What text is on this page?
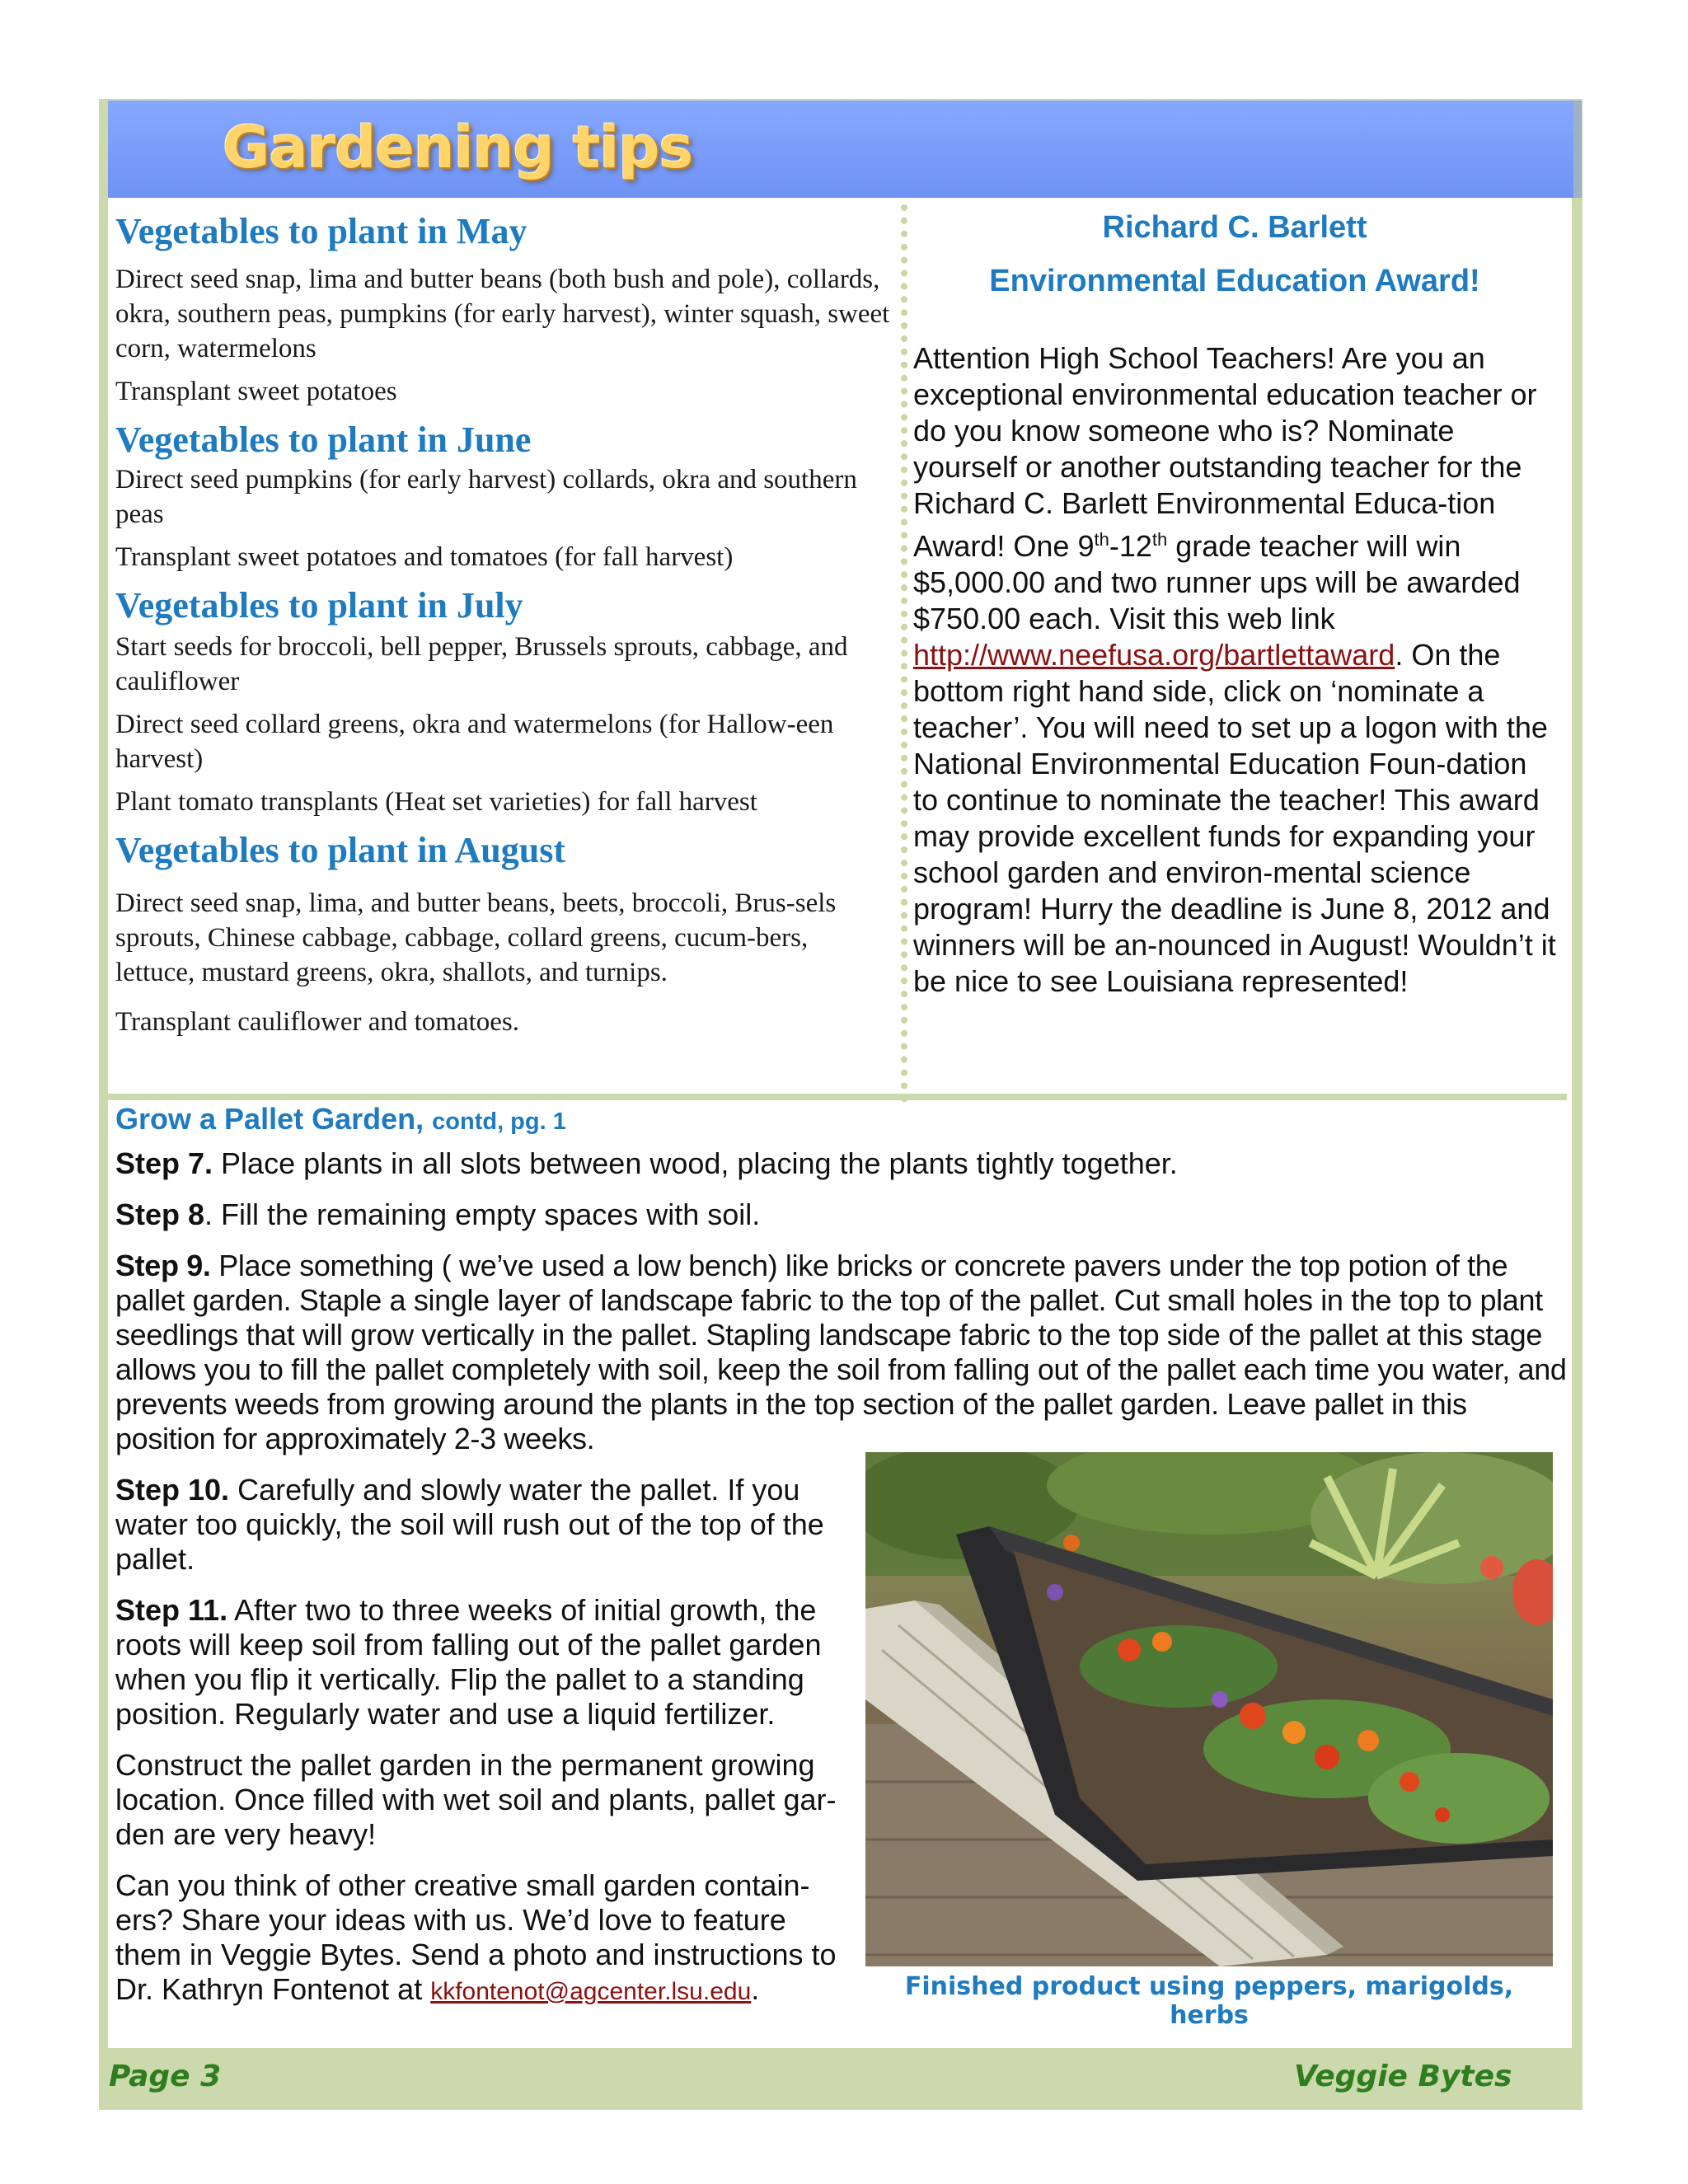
Gardening tips
Vegetables to plant in May

Direct seed snap, lima and butter beans (both bush and pole), collards, okra, southern peas, pumpkins (for early harvest), winter squash, sweet corn, watermelons

Transplant sweet potatoes

Vegetables to plant in June

Direct seed pumpkins (for early harvest) collards, okra and southern peas

Transplant sweet potatoes and tomatoes (for fall harvest)

Vegetables to plant in July

Start seeds for broccoli, bell pepper, Brussels sprouts, cabbage, and cauliflower

Direct seed collard greens, okra and watermelons (for Hallow-een harvest)

Plant tomato transplants (Heat set varieties) for fall harvest

Vegetables to plant in August

Direct seed snap, lima, and butter beans, beets, broccoli, Brus-sels sprouts, Chinese cabbage, cabbage, collard greens, cucum-bers, lettuce, mustard greens, okra, shallots, and turnips.

Transplant cauliflower and tomatoes.

Richard C. Barlett

Environmental Education Award!

Attention High School Teachers! Are you an exceptional environmental education teacher or do you know someone who is? Nominate yourself or another outstanding teacher for the Richard C. Barlett Environmental Educa-tion Award! One 9th-12th grade teacher will win $5,000.00 and two runner ups will be awarded $750.00 each. Visit this web link http://www.neefusa.org/bartlettaward. On the bottom right hand side, click on ‘nominate a teacher’. You will need to set up a logon with the National Environmental Education Foun-dation to continue to nominate the teacher! This award may provide excellent funds for expanding your school garden and environ-mental science program! Hurry the deadline is June 8, 2012 and winners will be an-nounced in August! Wouldn’t it be nice to see Louisiana represented!

Grow a Pallet Garden, contd, pg. 1

Step 7. Place plants in all slots between wood, placing the plants tightly together.

Step 8. Fill the remaining empty spaces with soil.

Step 9. Place something ( we’ve used a low bench) like bricks or concrete pavers under the top potion of the pallet garden. Staple a single layer of landscape fabric to the top of the pallet. Cut small holes in the top to plant seedlings that will grow vertically in the pallet. Stapling landscape fabric to the top side of the pallet at this stage allows you to fill the pallet completely with soil, keep the soil from falling out of the pallet each time you water, and prevents weeds from growing around the plants in the top section of the pallet garden. Leave pallet in this position for approximately 2-3 weeks.

Step 10. Carefully and slowly water the pallet. If you water too quickly, the soil will rush out of the top of the pallet.

Step 11. After two to three weeks of initial growth, the roots will keep soil from falling out of the pallet garden when you flip it vertically. Flip the pallet to a standing position. Regularly water and use a liquid fertilizer.

Construct the pallet garden in the permanent growing location. Once filled with wet soil and plants, pallet gar-den are very heavy!

Can you think of other creative small garden contain-ers? Share your ideas with us. We’d love to feature them in Veggie Bytes. Send a photo and instructions to Dr. Kathryn Fontenot at kkfontenot@agcenter.lsu.edu.	Finished product using peppers, marigolds, herbs
Page 3	Veggie Bytes
